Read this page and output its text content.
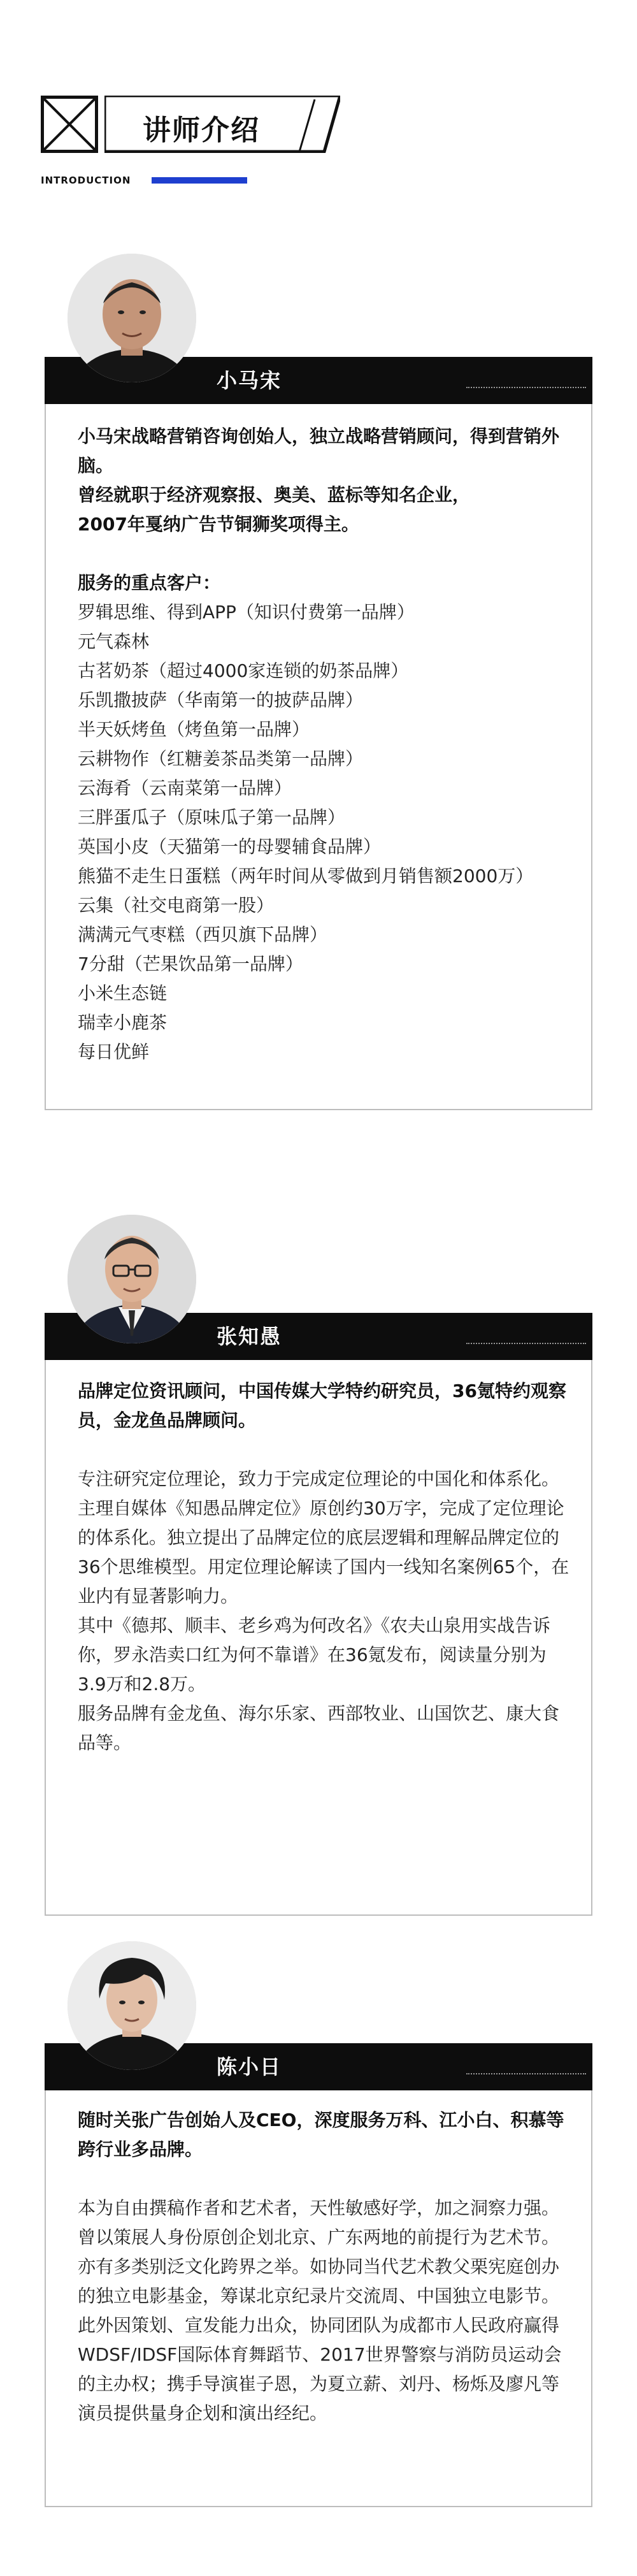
讲师介绍
INTRODUCTION
小马宋

小马宋战略营销咨询创始人，独立战略营销顾问，得到营销外脑。

曾经就职于经济观察报、奥美、蓝标等知名企业，

2007年戛纳广告节铜狮奖项得主。

服务的重点客户：

罗辑思维、得到APP（知识付费第一品牌）

元气森林

古茗奶茶（超过4000家连锁的奶茶品牌）

乐凯撒披萨（华南第一的披萨品牌）

半天妖烤鱼（烤鱼第一品牌）

云耕物作（红糖姜茶品类第一品牌）

云海肴（云南菜第一品牌）

三胖蛋瓜子（原味瓜子第一品牌）

英国小皮（天猫第一的母婴辅食品牌）

熊猫不走生日蛋糕（两年时间从零做到月销售额2000万）

云集（社交电商第一股）

满满元气枣糕（西贝旗下品牌）

7分甜（芒果饮品第一品牌）

小米生态链

瑞幸小鹿茶

每日优鲜

张知愚

品牌定位资讯顾问，中国传媒大学特约研究员，36氪特约观察员，金龙鱼品牌顾问。

专注研究定位理论，致力于完成定位理论的中国化和体系化。

主理自媒体《知愚品牌定位》原创约30万字，完成了定位理论的体系化。独立提出了品牌定位的底层逻辑和理解品牌定位的36个思维模型。用定位理论解读了国内一线知名案例65个，在业内有显著影响力。

其中《德邦、顺丰、老乡鸡为何改名》《农夫山泉用实战告诉你，罗永浩卖口红为何不靠谱》在36氪发布，阅读量分别为3.9万和2.8万。

服务品牌有金龙鱼、海尔乐家、西部牧业、山国饮艺、康大食品等。

陈小日

随时关张广告创始人及CEO，深度服务万科、江小白、积慕等跨行业多品牌。

本为自由撰稿作者和艺术者，天性敏感好学，加之洞察力强。曾以策展人身份原创企划北京、广东两地的前提行为艺术节。亦有多类别泛文化跨界之举。如协同当代艺术教父栗宪庭创办的独立电影基金，筹谋北京纪录片交流周、中国独立电影节。此外因策划、宣发能力出众，协同团队为成都市人民政府赢得WDSF/IDSF国际体育舞蹈节、2017世界警察与消防员运动会的主办权；携手导演崔子恩，为夏立薪、刘丹、杨烁及廖凡等演员提供量身企划和演出经纪。
